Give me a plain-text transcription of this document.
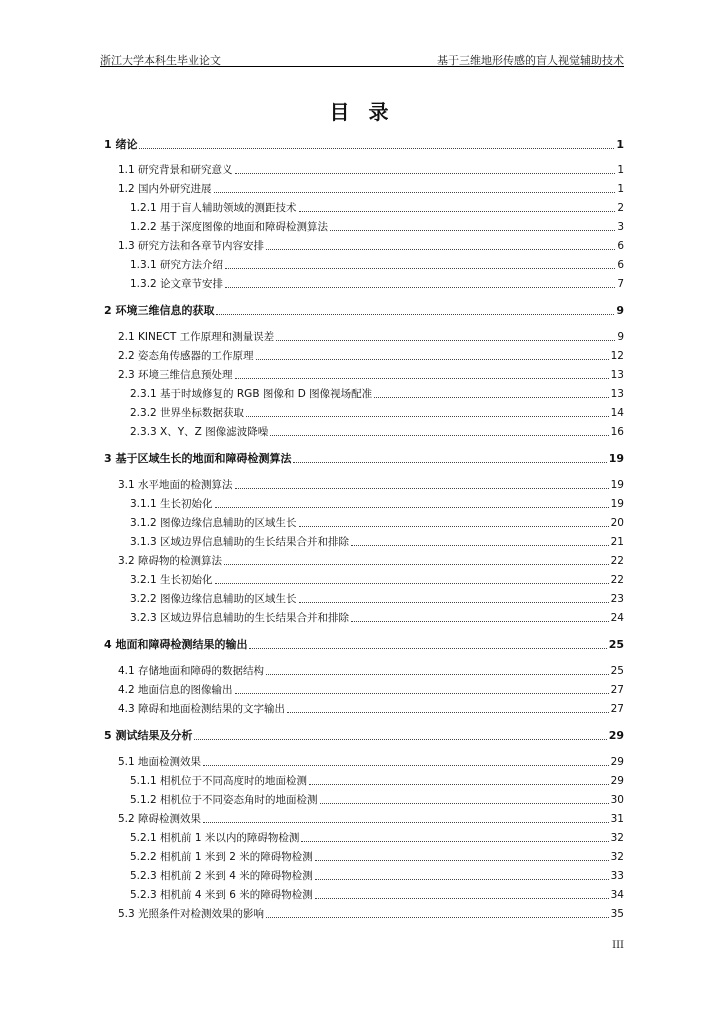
浙江大学本科生毕业论文	基于三维地形传感的盲人视觉辅助技术
目 录
1 绪论	1
1.1 研究背景和研究意义	1
1.2 国内外研究进展	1
1.2.1 用于盲人辅助领域的测距技术	2
1.2.2 基于深度图像的地面和障碍检测算法	3
1.3 研究方法和各章节内容安排	6
1.3.1 研究方法介绍	6
1.3.2 论文章节安排	7
2 环境三维信息的获取	9
2.1 KINECT 工作原理和测量误差	9
2.2 姿态角传感器的工作原理	12
2.3 环境三维信息预处理	13
2.3.1 基于时域修复的 RGB 图像和 D 图像视场配准	13
2.3.2 世界坐标数据获取	14
2.3.3 X、Y、Z 图像滤波降噪	16
3 基于区域生长的地面和障碍检测算法	19
3.1 水平地面的检测算法	19
3.1.1 生长初始化	19
3.1.2 图像边缘信息辅助的区域生长	20
3.1.3 区域边界信息辅助的生长结果合并和排除	21
3.2 障碍物的检测算法	22
3.2.1 生长初始化	22
3.2.2 图像边缘信息辅助的区域生长	23
3.2.3 区域边界信息辅助的生长结果合并和排除	24
4 地面和障碍检测结果的输出	25
4.1 存储地面和障碍的数据结构	25
4.2 地面信息的图像输出	27
4.3 障碍和地面检测结果的文字输出	27
5 测试结果及分析	29
5.1 地面检测效果	29
5.1.1 相机位于不同高度时的地面检测	29
5.1.2 相机位于不同姿态角时的地面检测	30
5.2 障碍检测效果	31
5.2.1 相机前 1 米以内的障碍物检测	32
5.2.2 相机前 1 米到 2 米的障碍物检测	32
5.2.3 相机前 2 米到 4 米的障碍物检测	33
5.2.3 相机前 4 米到 6 米的障碍物检测	34
5.3 光照条件对检测效果的影响	35
III
